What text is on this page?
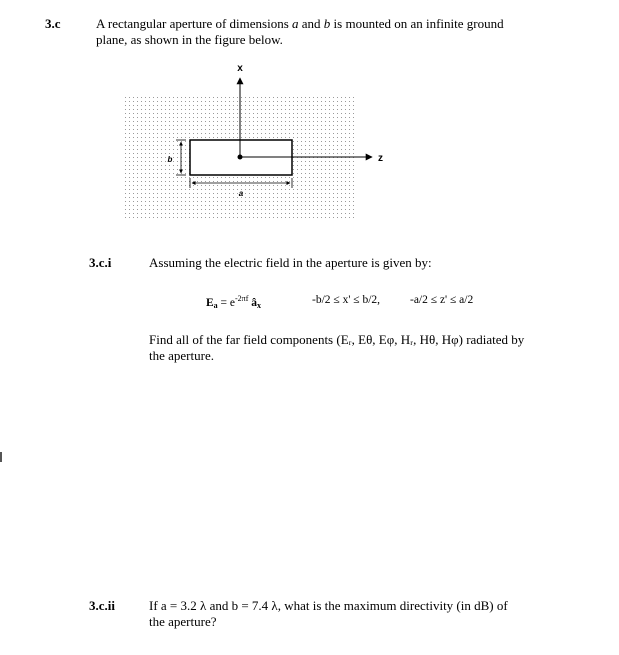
3.c	A rectangular aperture of dimensions a and b is mounted on an infinite ground
plane, as shown in the figure below.
x
z
b
a
3.c.i	Assuming the electric field in the aperture is given by:
$E_a = e^{-2\pi f}$ $â_x$	-b/2 ≤ x' ≤ b/2,	-a/2 ≤ z' ≤ a/2
Find all of the far field components (Eᵣ, Eθ, Eφ, Hᵣ, Hθ, Hφ) radiated by
the aperture.
3.c.ii	If a = 3.2 λ and b = 7.4 λ, what is the maximum directivity (in dB) of
the aperture?
